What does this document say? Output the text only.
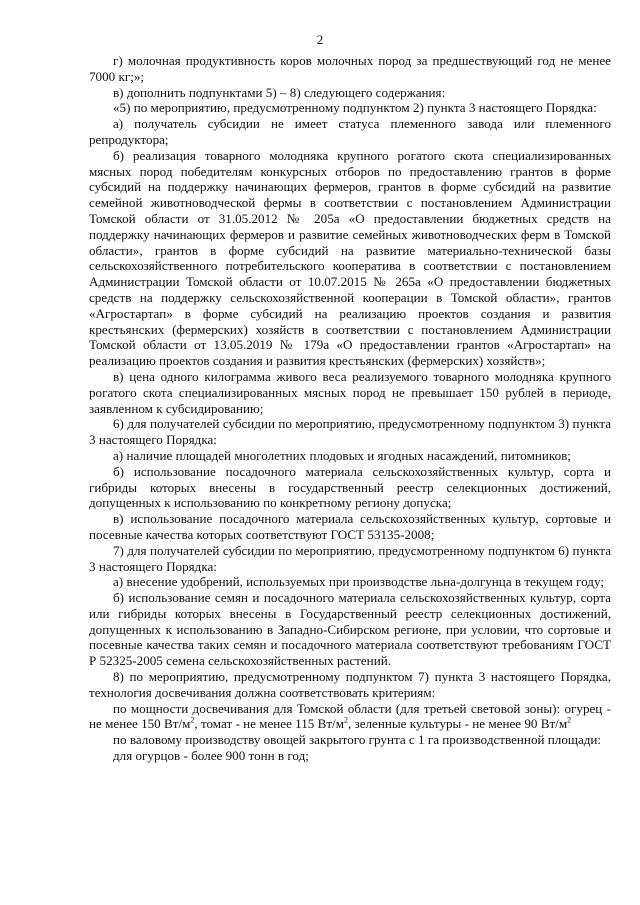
2

г) молочная продуктивность коров молочных пород за предшествующий год не менее 7000 кг;»;

в) дополнить подпунктами 5) – 8) следующего содержания:

«5) по мероприятию, предусмотренному подпунктом 2) пункта 3 настоящего Порядка:

а) получатель субсидии не имеет статуса племенного завода или племенного репродуктора;

б) реализация товарного молодняка крупного рогатого скота специализированных мясных пород победителям конкурсных отборов по предоставлению грантов в форме субсидий на поддержку начинающих фермеров, грантов в форме субсидий на развитие семейной животноводческой фермы в соответствии с постановлением Администрации Томской области от 31.05.2012 № 205а «О предоставлении бюджетных средств на поддержку начинающих фермеров и развитие семейных животноводческих ферм в Томской области», грантов в форме субсидий на развитие материально-технической базы сельскохозяйственного потребительского кооператива в соответствии с постановлением Администрации Томской области от 10.07.2015 № 265а «О предоставлении бюджетных средств на поддержку сельскохозяйственной кооперации в Томской области», грантов «Агростартап» в форме субсидий на реализацию проектов создания и развития крестьянских (фермерских) хозяйств в соответствии с постановлением Администрации Томской области от 13.05.2019 № 179а «О предоставлении грантов «Агростартап» на реализацию проектов создания и развития крестьянских (фермерских) хозяйств»;

в) цена одного килограмма живого веса реализуемого товарного молодняка крупного рогатого скота специализированных мясных пород не превышает 150 рублей в периоде, заявленном к субсидированию;

6) для получателей субсидии по мероприятию, предусмотренному подпунктом 3) пункта 3 настоящего Порядка:

а) наличие площадей многолетних плодовых и ягодных насаждений, питомников;

б) использование посадочного материала сельскохозяйственных культур, сорта и гибриды которых внесены в государственный реестр селекционных достижений, допущенных к использованию по конкретному региону допуска;

в) использование посадочного материала сельскохозяйственных культур, сортовые и посевные качества которых соответствуют ГОСТ 53135-2008;

7) для получателей субсидии по мероприятию, предусмотренному подпунктом 6) пункта 3 настоящего Порядка:

а) внесение удобрений, используемых при производстве льна-долгунца в текущем году;

б) использование семян и посадочного материала сельскохозяйственных культур, сорта или гибриды которых внесены в Государственный реестр селекционных достижений, допущенных к использованию в Западно-Сибирском регионе, при условии, что сортовые и посевные качества таких семян и посадочного материала соответствуют требованиям ГОСТ Р 52325-2005 семена сельскохозяйственных растений.

8) по мероприятию, предусмотренному подпунктом 7) пункта 3 настоящего Порядка, технология досвечивания должна соответствовать критериям:

по мощности досвечивания для Томской области (для третьей световой зоны): огурец - не менее 150 $Вт/м^2$, томат - не менее 115 $Вт/м^2$, зеленные культуры - не менее 90 $Вт/м^2$

по валовому производству овощей закрытого грунта с 1 га производственной площади:

для огурцов - более 900 тонн в год;
